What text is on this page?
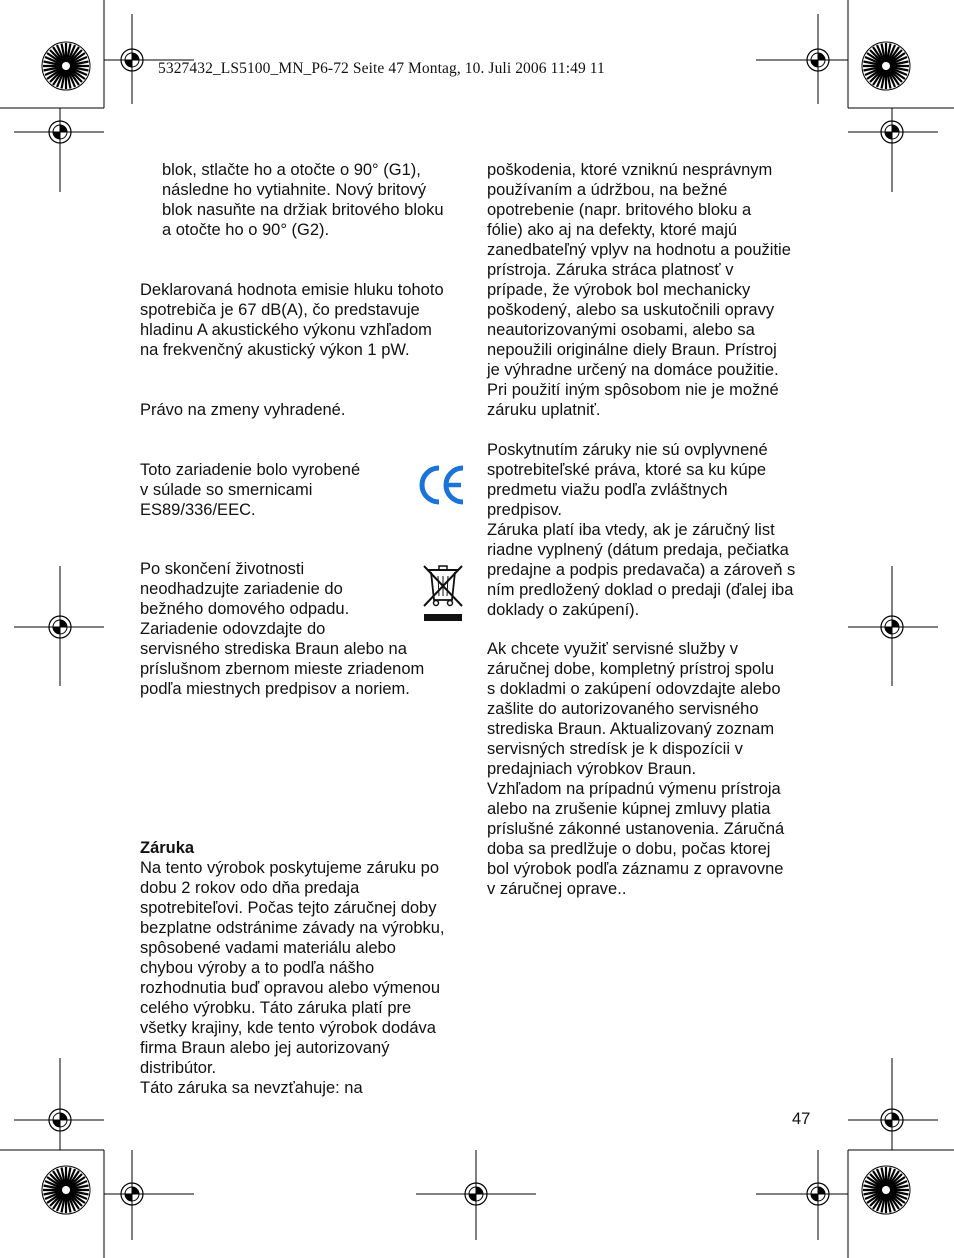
5327432_LS5100_MN_P6-72 Seite 47 Montag, 10. Juli 2006 11:49 11

blok, stlačte ho a otočte o 90° (G1),
následne ho vytiahnite. Nový britový
blok nasuňte na držiak britového bloku
a otočte ho o 90° (G2).

Deklarovaná hodnota emisie hluku tohoto
spotrebiča je 67 dB(A), čo predstavuje
hladinu A akustického výkonu vzhľadom
na frekvenčný akustický výkon 1 pW.

Právo na zmeny vyhradené.

Toto zariadenie bolo vyrobené
v súlade so smernicami
ES89/336/EEC.

Po skončení životnosti
neodhadzujte zariadenie do
bežného domového odpadu.
Zariadenie odovzdajte do
servisného strediska Braun alebo na
príslušnom zbernom mieste zriadenom
podľa miestnych predpisov a noriem.

Záruka

Na tento výrobok poskytujeme záruku po
dobu 2 rokov odo dňa predaja
spotrebiteľovi. Počas tejto záručnej doby
bezplatne odstránime závady na výrobku,
spôsobené vadami materiálu alebo
chybou výroby a to podľa nášho
rozhodnutia buď opravou alebo výmenou
celého výrobku. Táto záruka platí pre
všetky krajiny, kde tento výrobok dodáva
firma Braun alebo jej autorizovaný
distribútor.
Táto záruka sa nevzťahuje: na

poškodenia, ktoré vzniknú nesprávnym
používaním a údržbou, na bežné
opotrebenie (napr. britového bloku a
fólie) ako aj na defekty, ktoré majú
zanedbateľný vplyv na hodnotu a použitie
prístroja. Záruka stráca platnosť v
prípade, že výrobok bol mechanicky
poškodený, alebo sa uskutočnili opravy
neautorizovanými osobami, alebo sa
nepoužili originálne diely Braun. Prístroj
je výhradne určený na domáce použitie.
Pri použití iným spôsobom nie je možné
záruku uplatniť.

Poskytnutím záruky nie sú ovplyvnené
spotrebiteľské práva, ktoré sa ku kúpe
predmetu viažu podľa zvláštnych
predpisov.
Záruka platí iba vtedy, ak je záručný list
riadne vyplnený (dátum predaja, pečiatka
predajne a podpis predavača) a zároveň s
ním predložený doklad o predaji (ďalej iba
doklady o zakúpení).

Ak chcete využiť servisné služby v
záručnej dobe, kompletný prístroj spolu
s dokladmi o zakúpení odovzdajte alebo
zašlite do autorizovaného servisného
strediska Braun. Aktualizovaný zoznam
servisných stredísk je k dispozícii v
predajniach výrobkov Braun.
Vzhľadom na prípadnú výmenu prístroja
alebo na zrušenie kúpnej zmluvy platia
príslušné zákonné ustanovenia. Záručná
doba sa predlžuje o dobu, počas ktorej
bol výrobok podľa záznamu z opravovne
v záručnej oprave..

47
